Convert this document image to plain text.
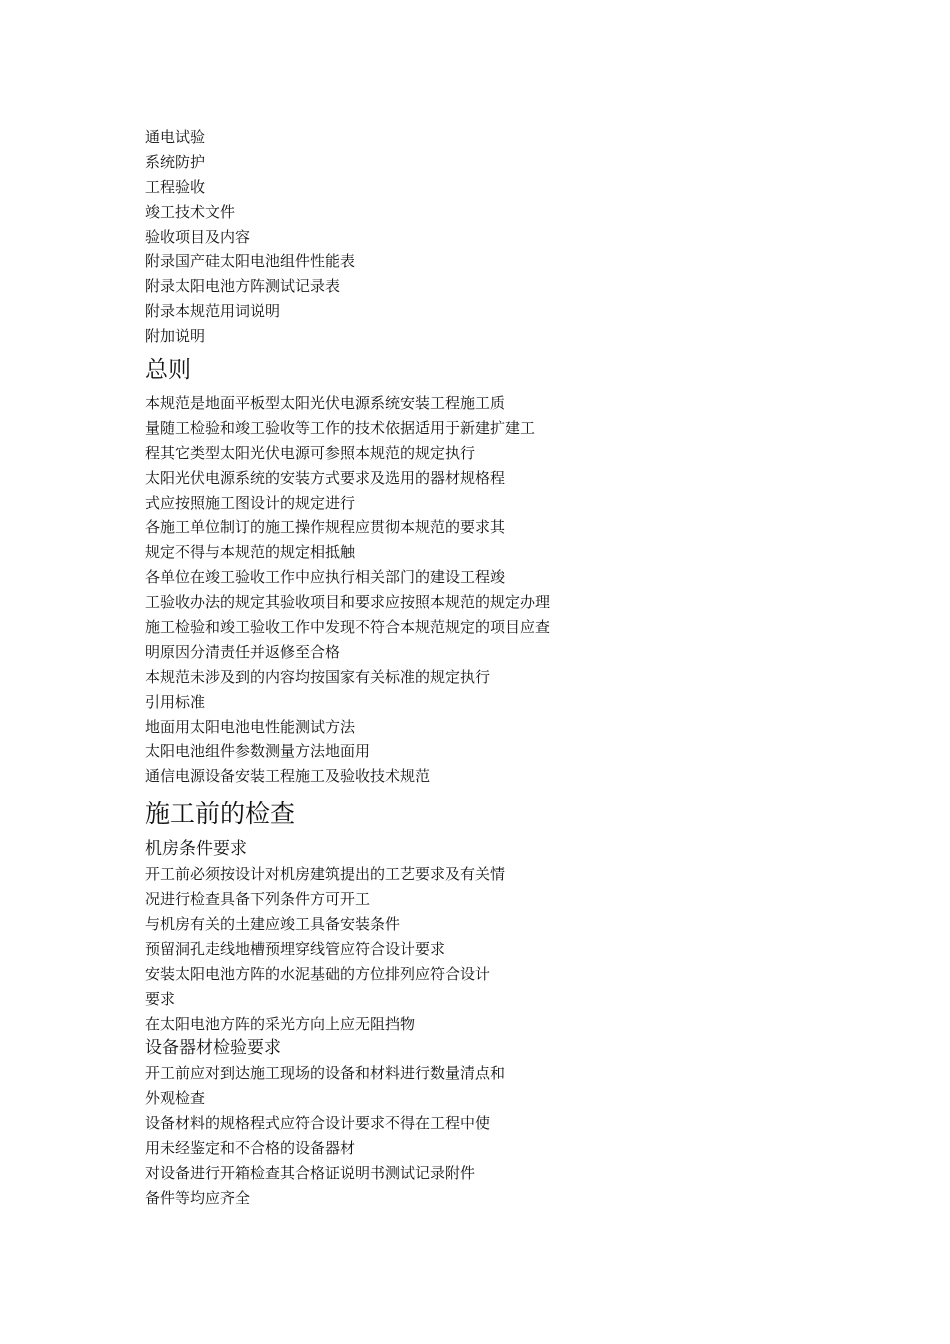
通电试验

系统防护

工程验收

竣工技术文件

验收项目及内容

附录国产硅太阳电池组件性能表

附录太阳电池方阵测试记录表

附录本规范用词说明

附加说明

总则

本规范是地面平板型太阳光伏电源系统安装工程施工质

量随工检验和竣工验收等工作的技术依据适用于新建扩建工

程其它类型太阳光伏电源可参照本规范的规定执行

太阳光伏电源系统的安装方式要求及选用的器材规格程

式应按照施工图设计的规定进行

各施工单位制订的施工操作规程应贯彻本规范的要求其

规定不得与本规范的规定相抵触

各单位在竣工验收工作中应执行相关部门的建设工程竣

工验收办法的规定其验收项目和要求应按照本规范的规定办理

施工检验和竣工验收工作中发现不符合本规范规定的项目应查

明原因分清责任并返修至合格

本规范未涉及到的内容均按国家有关标准的规定执行

引用标准

地面用太阳电池电性能测试方法

太阳电池组件参数测量方法地面用

通信电源设备安装工程施工及验收技术规范

施工前的检查
机房条件要求

开工前必须按设计对机房建筑提出的工艺要求及有关情

况进行检查具备下列条件方可开工

与机房有关的土建应竣工具备安装条件

预留洞孔走线地槽预埋穿线管应符合设计要求

安装太阳电池方阵的水泥基础的方位排列应符合设计

要求

在太阳电池方阵的采光方向上应无阻挡物

设备器材检验要求

开工前应对到达施工现场的设备和材料进行数量清点和

外观检查

设备材料的规格程式应符合设计要求不得在工程中使

用未经鉴定和不合格的设备器材

对设备进行开箱检查其合格证说明书测试记录附件

备件等均应齐全
